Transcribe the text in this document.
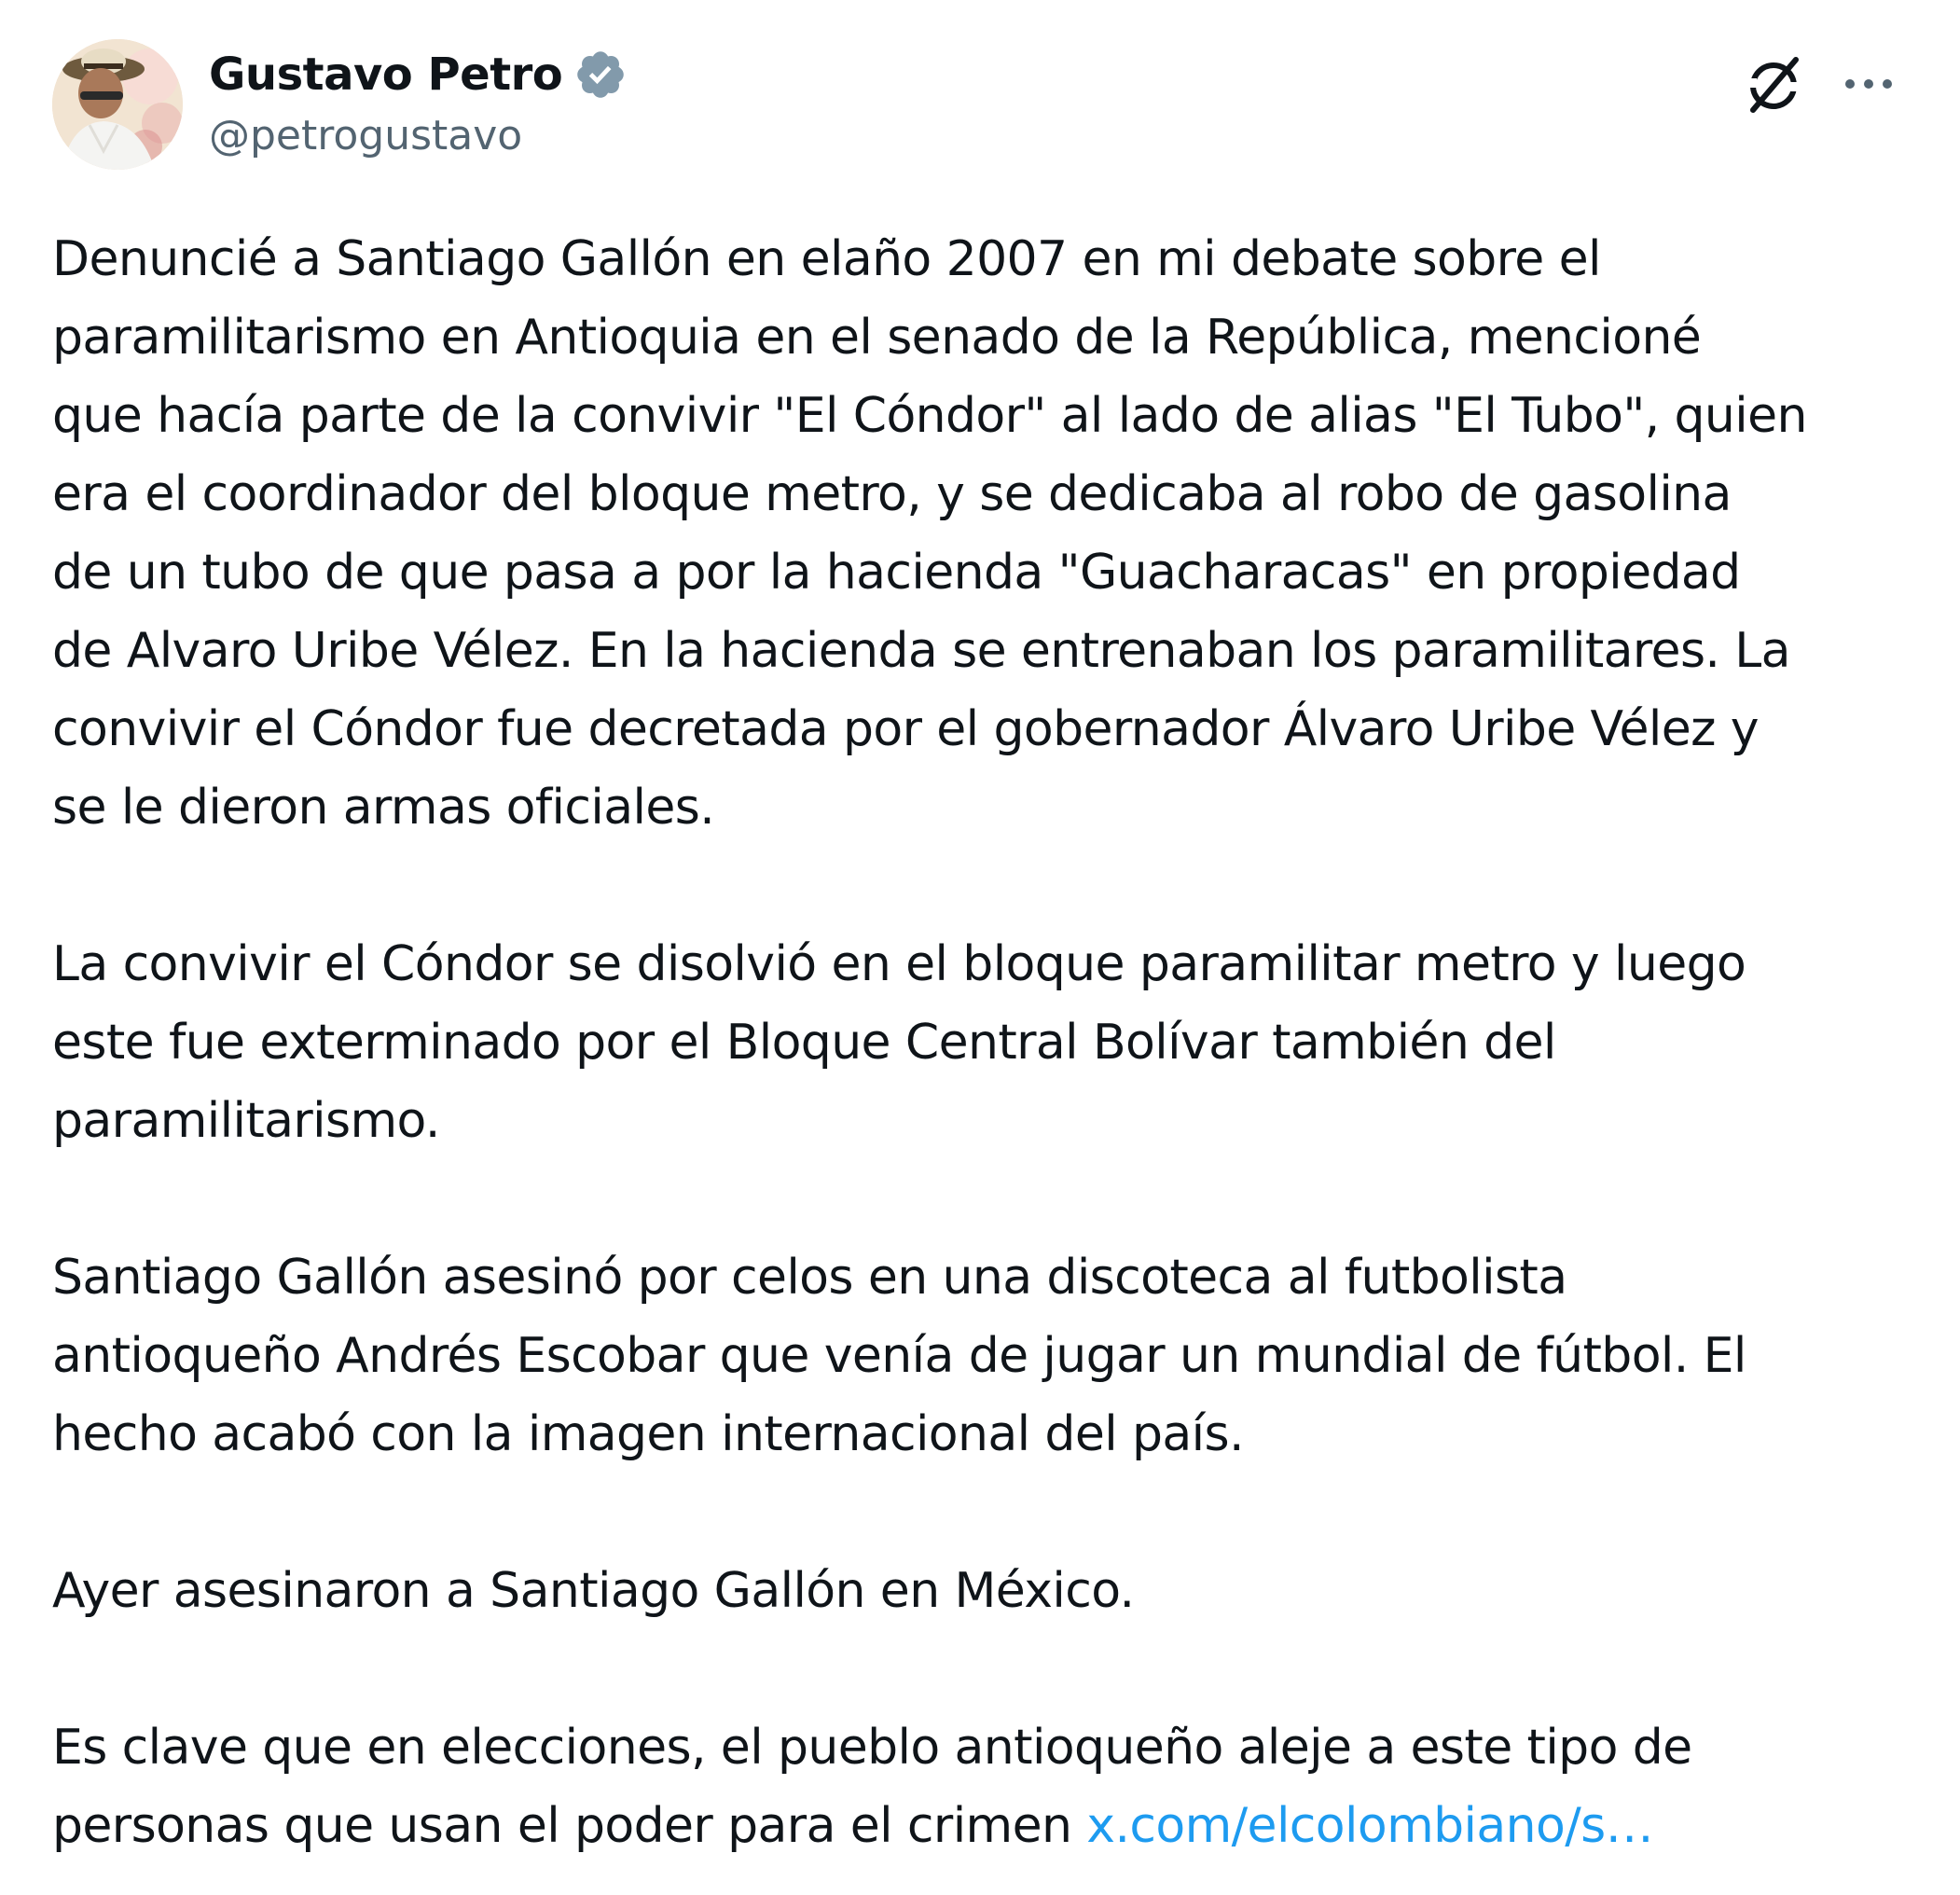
Gustavo Petro
@petrogustavo
Denuncié a Santiago Gallón en elaño 2007 en mi debate sobre el
paramilitarismo en Antioquia en el senado de la República, mencioné
que hacía parte de la convivir "El Cóndor" al lado de alias "El Tubo", quien
era el coordinador del bloque metro, y se dedicaba al robo de gasolina
de un tubo de que pasa a por la hacienda "Guacharacas" en propiedad
de Alvaro Uribe Vélez. En la hacienda se entrenaban los paramilitares. La
convivir el Cóndor fue decretada por el gobernador Álvaro Uribe Vélez y
se le dieron armas oficiales.
La convivir el Cóndor se disolvió en el bloque paramilitar metro y luego
este fue exterminado por el Bloque Central Bolívar también del
paramilitarismo.
Santiago Gallón asesinó por celos en una discoteca al futbolista
antioqueño Andrés Escobar que venía de jugar un mundial de fútbol. El
hecho acabó con la imagen internacional del país.
Ayer asesinaron a Santiago Gallón en México.
Es clave que en elecciones, el pueblo antioqueño aleje a este tipo de
personas que usan el poder para el crimen x.com/elcolombiano/s…
